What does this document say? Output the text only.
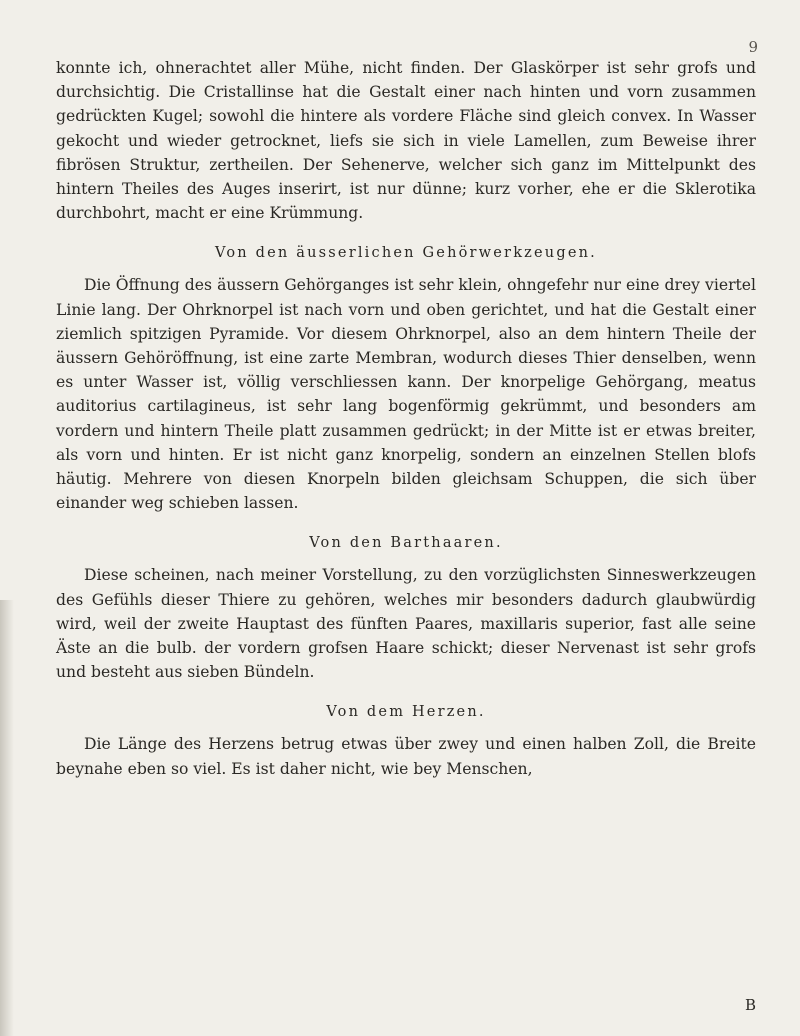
9

konnte ich, ohnerachtet aller Mühe, nicht finden. Der Glaskörper ist sehr grofs und durchsichtig. Die Cristallinse hat die Gestalt einer nach hinten und vorn zusammen gedrückten Kugel; sowohl die hintere als vordere Fläche sind gleich convex. In Wasser gekocht und wieder getrocknet, liefs sie sich in viele Lamellen, zum Beweise ihrer fibrösen Struktur, zertheilen. Der Sehenerve, welcher sich ganz im Mittelpunkt des hintern Theiles des Auges inserirt, ist nur dünne; kurz vorher, ehe er die Sklerotika durchbohrt, macht er eine Krümmung.

Von den äusserlichen Gehörwerkzeugen.

Die Öffnung des äussern Gehörganges ist sehr klein, ohngefehr nur eine drey viertel Linie lang. Der Ohrknorpel ist nach vorn und oben gerichtet, und hat die Gestalt einer ziemlich spitzigen Pyramide. Vor diesem Ohrknorpel, also an dem hintern Theile der äussern Gehöröffnung, ist eine zarte Membran, wodurch dieses Thier denselben, wenn es unter Wasser ist, völlig verschliessen kann. Der knorpelige Gehörgang, meatus auditorius cartilagineus, ist sehr lang bogenförmig gekrümmt, und besonders am vordern und hintern Theile platt zusammen gedrückt; in der Mitte ist er etwas breiter, als vorn und hinten. Er ist nicht ganz knorpelig, sondern an einzelnen Stellen blofs häutig. Mehrere von diesen Knorpeln bilden gleichsam Schuppen, die sich über einander weg schieben lassen.

Von den Barthaaren.

Diese scheinen, nach meiner Vorstellung, zu den vorzüglichsten Sinneswerkzeugen des Gefühls dieser Thiere zu gehören, welches mir besonders dadurch glaubwürdig wird, weil der zweite Hauptast des fünften Paares, maxillaris superior, fast alle seine Äste an die bulb. der vordern grofsen Haare schickt; dieser Nervenast ist sehr grofs und besteht aus sieben Bündeln.

Von dem Herzen.

Die Länge des Herzens betrug etwas über zwey und einen halben Zoll, die Breite beynahe eben so viel. Es ist daher nicht, wie bey Menschen,

B
